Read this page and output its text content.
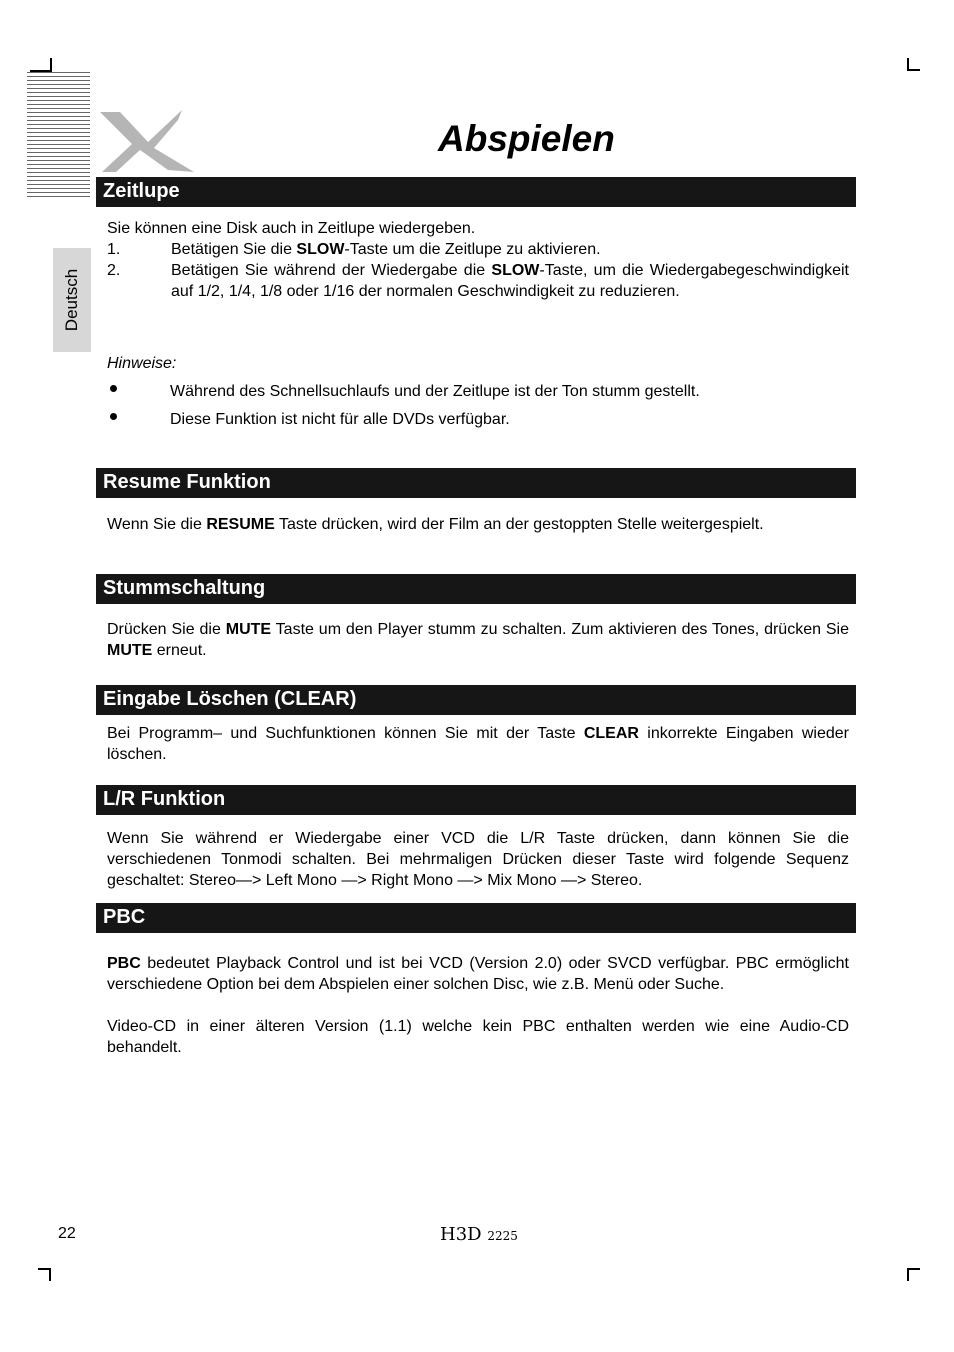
Abspielen
Deutsch
Zeitlupe
Sie können eine Disk auch in Zeitlupe wiedergeben.
1.	Betätigen Sie die SLOW-Taste um die Zeitlupe zu aktivieren.
2.	Betätigen Sie während der Wiedergabe die SLOW-Taste, um die Wiedergabegeschwindigkeit auf 1/2, 1/4, 1/8 oder 1/16 der normalen Geschwindigkeit zu reduzieren.
Hinweise:
Während des Schnellsuchlaufs und der Zeitlupe ist der Ton stumm gestellt.
Diese Funktion ist nicht für alle DVDs verfügbar.
Resume Funktion
Wenn Sie die RESUME Taste drücken, wird der Film an der gestoppten Stelle weitergespielt.
Stummschaltung
Drücken Sie die MUTE Taste um den Player stumm zu schalten. Zum aktivieren des Tones, drücken Sie MUTE erneut.
Eingabe Löschen (CLEAR)
Bei Programm– und Suchfunktionen können Sie mit der Taste CLEAR inkorrekte Eingaben wieder löschen.
L/R Funktion
Wenn Sie während er Wiedergabe einer VCD die L/R Taste drücken, dann können Sie die verschiedenen Tonmodi schalten. Bei mehrmaligen Drücken dieser Taste wird folgende Sequenz geschaltet: Stereo—> Left Mono —> Right Mono —> Mix Mono —> Stereo.
PBC
PBC bedeutet Playback Control und ist bei VCD (Version 2.0) oder SVCD verfügbar. PBC ermöglicht verschiedene Option bei dem Abspielen einer solchen Disc, wie z.B. Menü oder Suche.
Video-CD in einer älteren Version (1.1) welche kein PBC enthalten werden wie eine Audio-CD behandelt.
22	H3D 2225
